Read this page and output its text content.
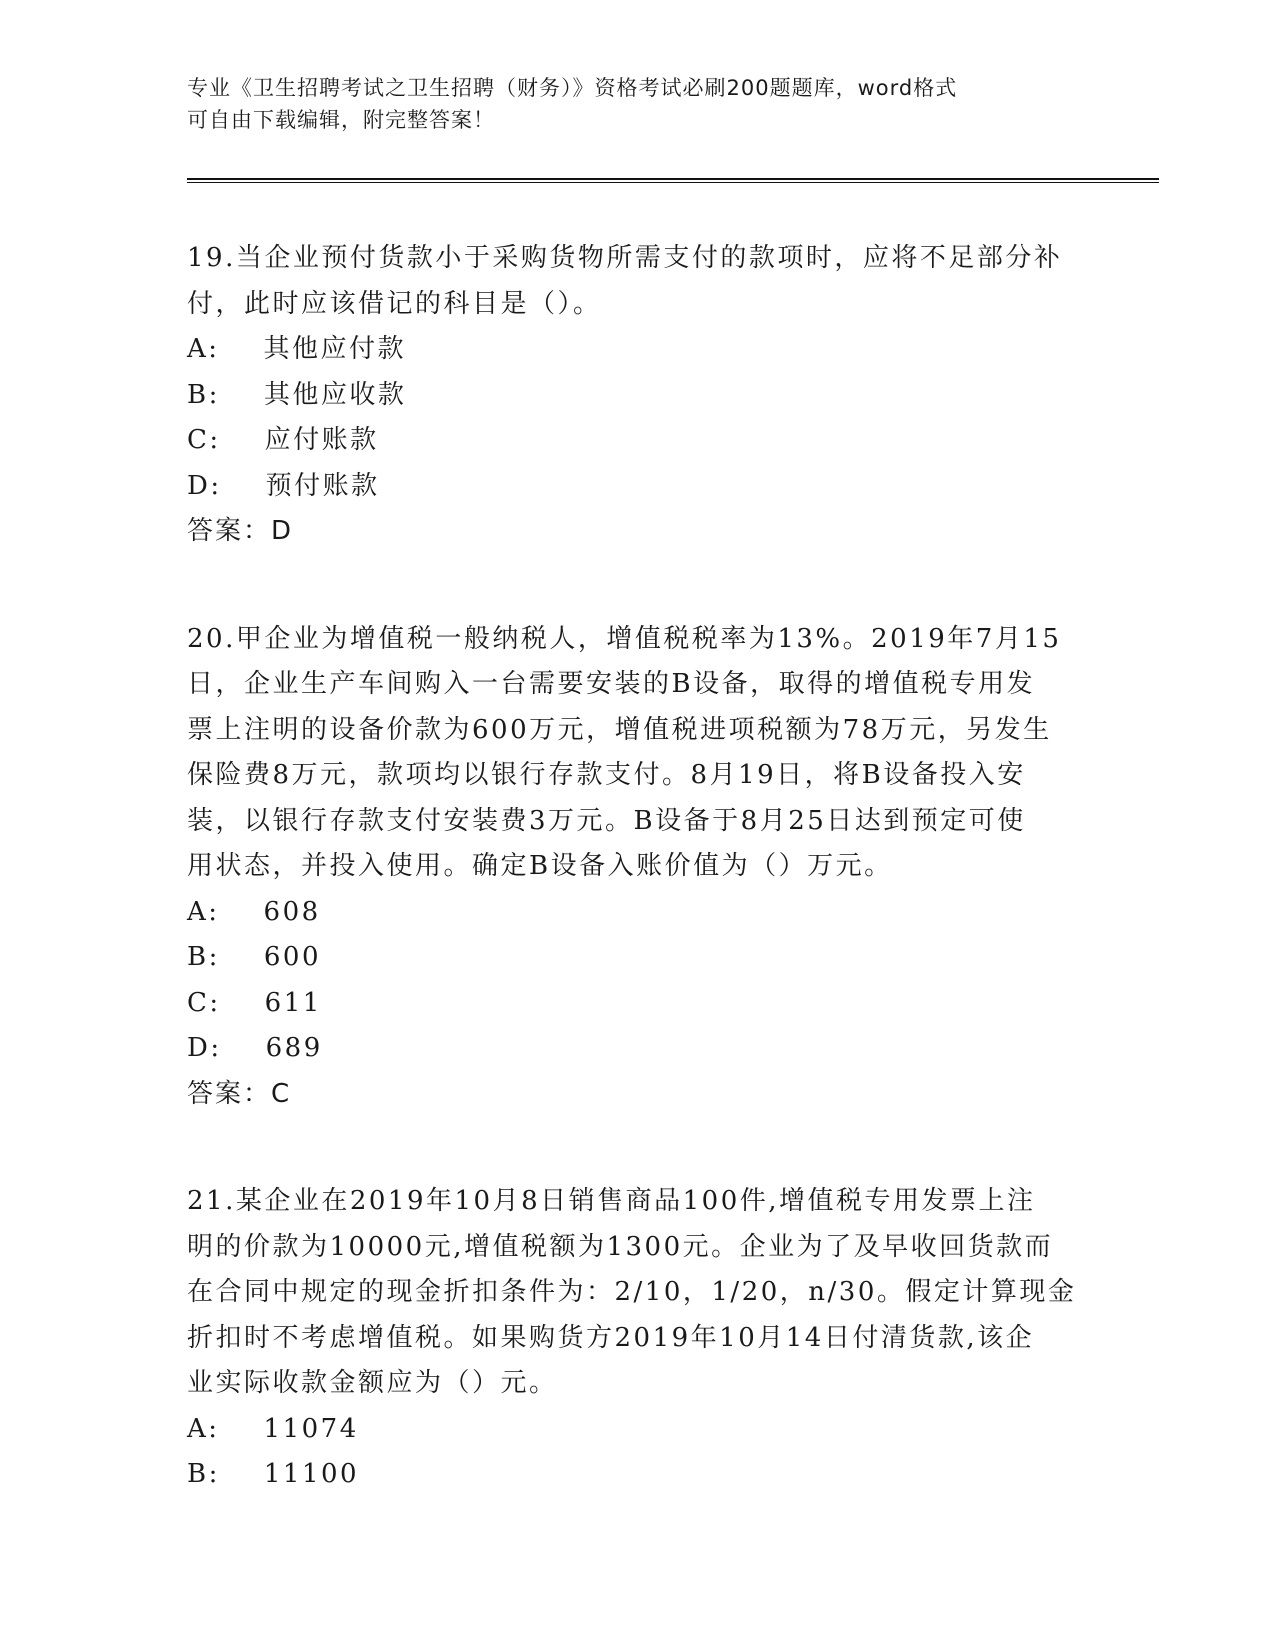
专业《卫生招聘考试之卫生招聘（财务）》资格考试必刷200题题库，word格式
可自由下载编辑，附完整答案！

19.当企业预付货款小于采购货物所需支付的款项时，应将不足部分补

付，此时应该借记的科目是（）。

A: 其他应付款
B: 其他应收款
C: 应付账款
D: 预付账款

答案：D

20.甲企业为增值税一般纳税人，增值税税率为13%。2019年7月15

日，企业生产车间购入一台需要安装的B设备，取得的增值税专用发

票上注明的设备价款为600万元，增值税进项税额为78万元，另发生

保险费8万元，款项均以银行存款支付。8月19日，将B设备投入安

装，以银行存款支付安装费3万元。B设备于8月25日达到预定可使

用状态，并投入使用。确定B设备入账价值为（）万元。

A: 608
B: 600
C: 611
D: 689

答案：C

21.某企业在2019年10月8日销售商品100件,增值税专用发票上注

明的价款为10000元,增值税额为1300元。企业为了及早收回货款而

在合同中规定的现金折扣条件为：2/10，1/20，n/30。假定计算现金

折扣时不考虑增值税。如果购货方2019年10月14日付清货款,该企

业实际收款金额应为（）元。

A: 11074
B: 11100
